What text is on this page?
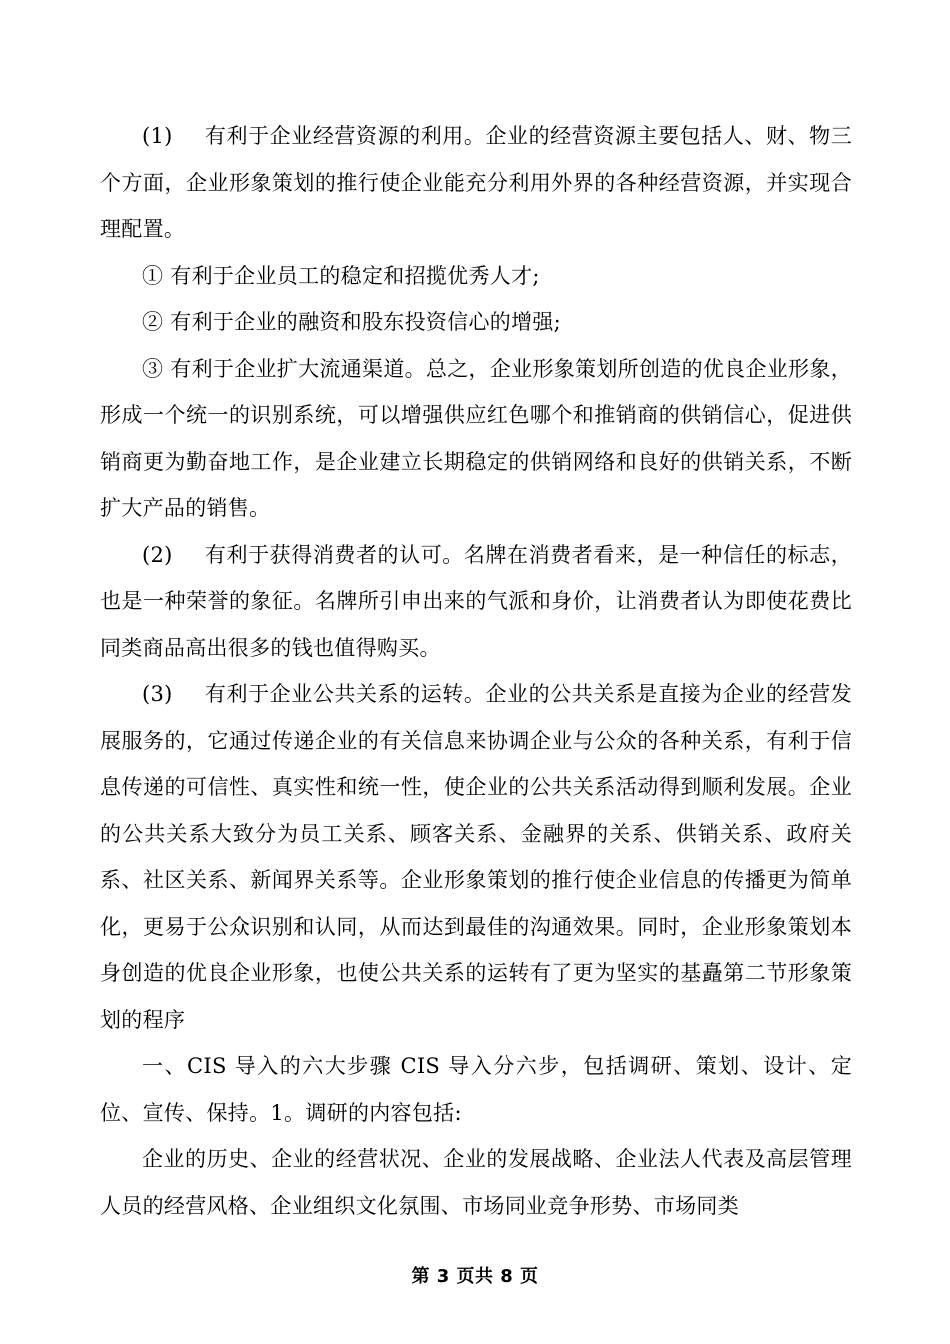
(1) 有利于企业经营资源的利用。企业的经营资源主要包括人、财、物三个方面，企业形象策划的推行使企业能充分利用外界的各种经营资源，并实现合理配置。

① 有利于企业员工的稳定和招揽优秀人才;

② 有利于企业的融资和股东投资信心的增强;

③ 有利于企业扩大流通渠道。总之，企业形象策划所创造的优良企业形象，形成一个统一的识别系统，可以增强供应红色哪个和推销商的供销信心，促进供销商更为勤奋地工作，是企业建立长期稳定的供销网络和良好的供销关系，不断扩大产品的销售。

(2) 有利于获得消费者的认可。名牌在消费者看来，是一种信任的标志，也是一种荣誉的象征。名牌所引申出来的气派和身价，让消费者认为即使花费比同类商品高出很多的钱也值得购买。

(3) 有利于企业公共关系的运转。企业的公共关系是直接为企业的经营发展服务的，它通过传递企业的有关信息来协调企业与公众的各种关系，有利于信息传递的可信性、真实性和统一性，使企业的公共关系活动得到顺利发展。企业的公共关系大致分为员工关系、顾客关系、金融界的关系、供销关系、政府关系、社区关系、新闻界关系等。企业形象策划的推行使企业信息的传播更为简单化，更易于公众识别和认同，从而达到最佳的沟通效果。同时，企业形象策划本身创造的优良企业形象，也使公共关系的运转有了更为坚实的基矗第二节形象策划的程序

一、CIS 导入的六大步骤 CIS 导入分六步，包括调研、策划、设计、定位、宣传、保持。1。调研的内容包括:

企业的历史、企业的经营状况、企业的发展战略、企业法人代表及高层管理人员的经营风格、企业组织文化氛围、市场同业竞争形势、市场同类

第 3 页共 8 页
